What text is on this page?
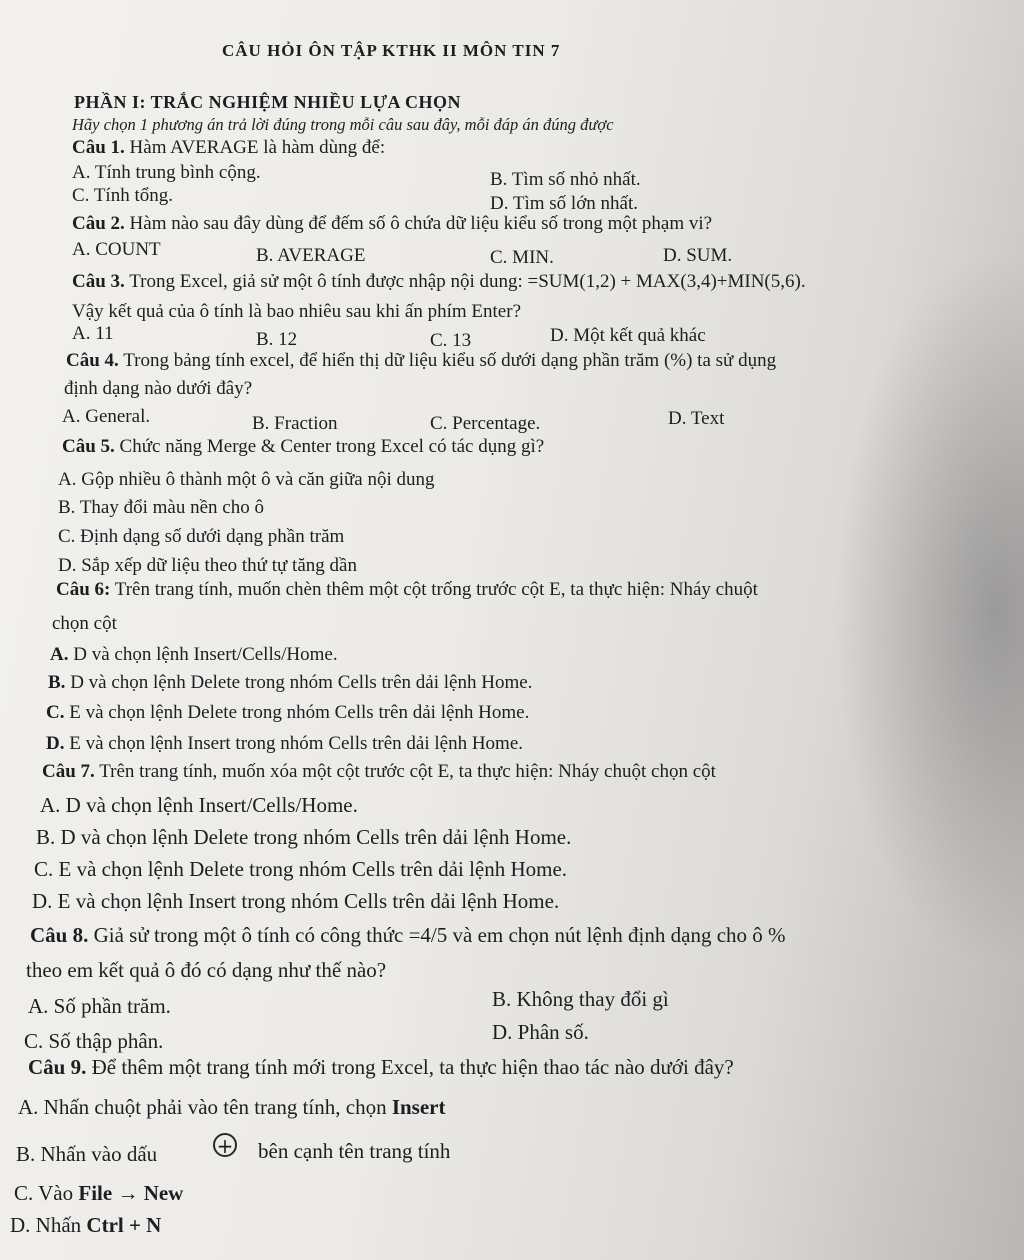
CÂU HỎI ÔN TẬP KTHK II MÔN TIN 7
PHẦN I: TRẮC NGHIỆM NHIỀU LỰA CHỌN
Hãy chọn 1 phương án trả lời đúng trong mỗi câu sau đây, mỗi đáp án đúng được
Câu 1. Hàm AVERAGE là hàm dùng để:
A. Tính trung bình cộng.	B. Tìm số nhỏ nhất.
C. Tính tổng.	D. Tìm số lớn nhất.
Câu 2. Hàm nào sau đây dùng để đếm số ô chứa dữ liệu kiểu số trong một phạm vi?
A. COUNT	B. AVERAGE	C. MIN.	D. SUM.
Câu 3. Trong Excel, giả sử một ô tính được nhập nội dung: =SUM(1,2) + MAX(3,4)+MIN(5,6).
Vậy kết quả của ô tính là bao nhiêu sau khi ấn phím Enter?
A. 11	B. 12	C. 13	D. Một kết quả khác
Câu 4. Trong bảng tính excel, để hiển thị dữ liệu kiểu số dưới dạng phần trăm (%) ta sử dụng
định dạng nào dưới đây?
A. General.	B. Fraction	C. Percentage.	D. Text
Câu 5. Chức năng Merge & Center trong Excel có tác dụng gì?
A. Gộp nhiều ô thành một ô và căn giữa nội dung
B. Thay đổi màu nền cho ô
C. Định dạng số dưới dạng phần trăm
D. Sắp xếp dữ liệu theo thứ tự tăng dần
Câu 6: Trên trang tính, muốn chèn thêm một cột trống trước cột E, ta thực hiện: Nháy chuột
chọn cột
A. D và chọn lệnh Insert/Cells/Home.
B. D và chọn lệnh Delete trong nhóm Cells trên dải lệnh Home.
C. E và chọn lệnh Delete trong nhóm Cells trên dải lệnh Home.
D. E và chọn lệnh Insert trong nhóm Cells trên dải lệnh Home.
Câu 7. Trên trang tính, muốn xóa một cột trước cột E, ta thực hiện: Nháy chuột chọn cột
A. D và chọn lệnh Insert/Cells/Home.
B. D và chọn lệnh Delete trong nhóm Cells trên dải lệnh Home.
C. E và chọn lệnh Delete trong nhóm Cells trên dải lệnh Home.
D. E và chọn lệnh Insert trong nhóm Cells trên dải lệnh Home.
Câu 8. Giả sử trong một ô tính có công thức =4/5 và em chọn nút lệnh định dạng cho ô %
theo em kết quả ô đó có dạng như thế nào?
A. Số phần trăm.	B. Không thay đổi gì
C. Số thập phân.	D. Phân số.
Câu 9. Để thêm một trang tính mới trong Excel, ta thực hiện thao tác nào dưới đây?
A. Nhấn chuột phải vào tên trang tính, chọn Insert
B. Nhấn vào dấu	+ bên cạnh tên trang tính
C. Vào File → New
D. Nhấn Ctrl + N
